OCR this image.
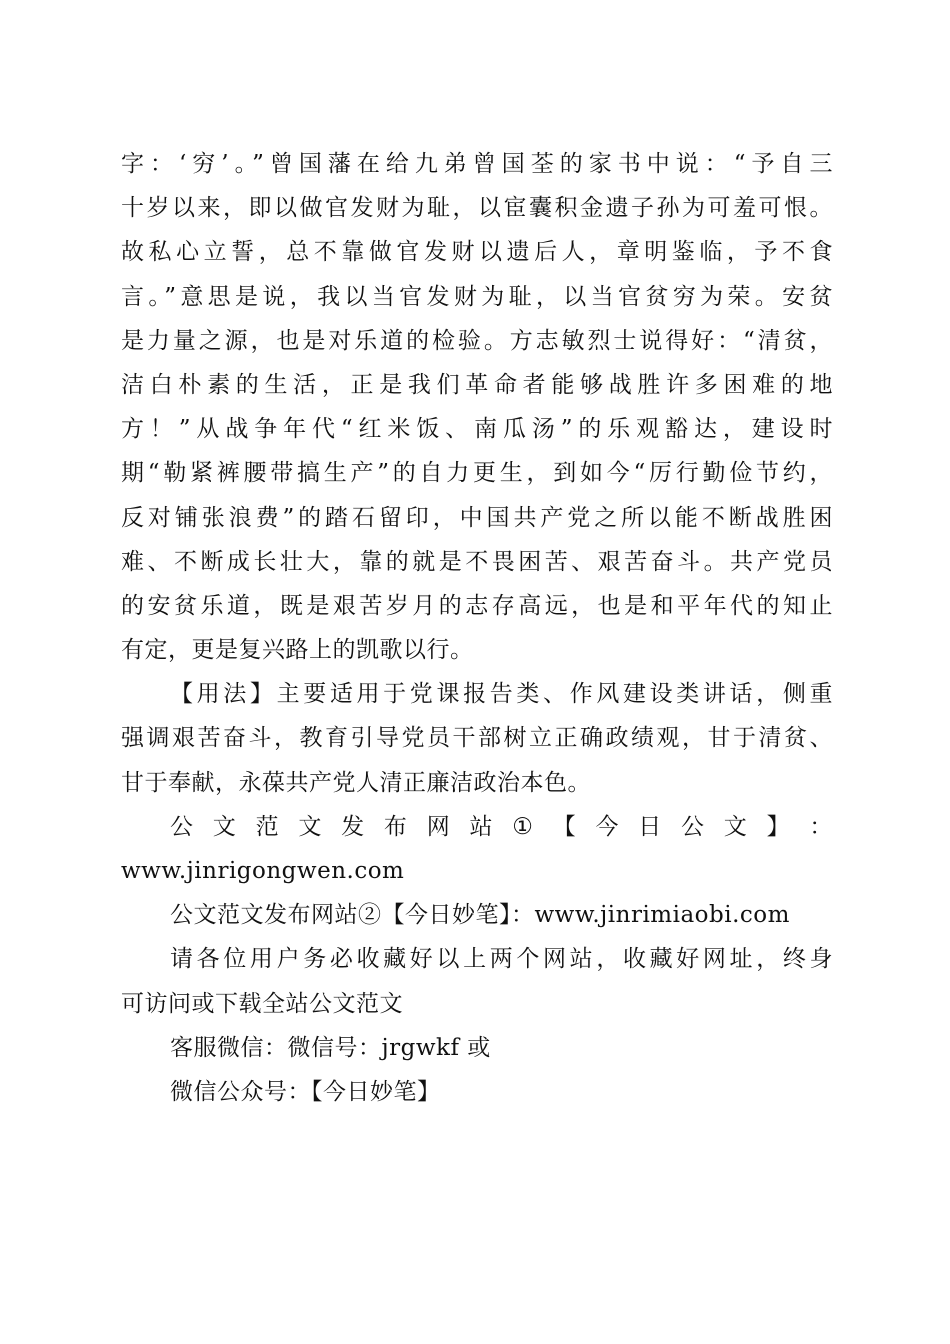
字：‘穷’。”曾国藩在给九弟曾国荃的家书中说：“予自三
十岁以来，即以做官发财为耻，以宦囊积金遗子孙为可羞可恨。
故私心立誓，总不靠做官发财以遗后人，章明鉴临，予不食
言。”意思是说，我以当官发财为耻，以当官贫穷为荣。安贫
是力量之源，也是对乐道的检验。方志敏烈士说得好：“清贫，
洁白朴素的生活，正是我们革命者能够战胜许多困难的地
方！”从战争年代“红米饭、南瓜汤”的乐观豁达，建设时
期“勒紧裤腰带搞生产”的自力更生，到如今“厉行勤俭节约，
反对铺张浪费”的踏石留印，中国共产党之所以能不断战胜困
难、不断成长壮大，靠的就是不畏困苦、艰苦奋斗。共产党员
的安贫乐道，既是艰苦岁月的志存高远，也是和平年代的知止
有定，更是复兴路上的凯歌以行。
【用法】主要适用于党课报告类、作风建设类讲话，侧重
强调艰苦奋斗，教育引导党员干部树立正确政绩观，甘于清贫、
甘于奉献，永葆共产党人清正廉洁政治本色。
公 文 范 文 发 布 网 站 ① 【 今 日 公 文 】 ：
www.jinrigongwen.com
公文范文发布网站②【今日妙笔】：www.jinrimiaobi.com
请各位用户务必收藏好以上两个网站，收藏好网址，终身
可访问或下载全站公文范文
客服微信：微信号：jrgwkf 或
微信公众号：【今日妙笔】
